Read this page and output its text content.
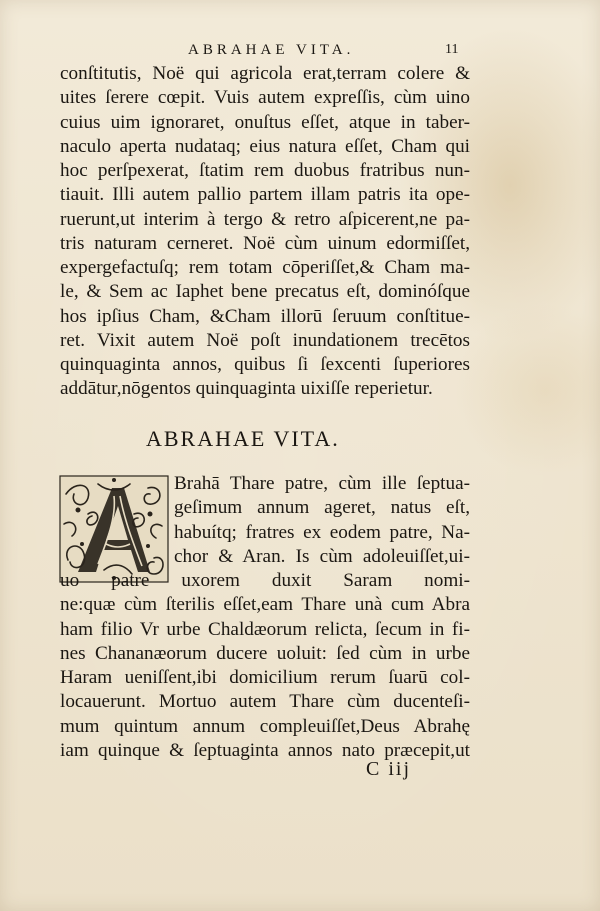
ABRAHAE VITA.	11
conſtitutis, Noë qui agricola erat,terram colere &
uites ſerere cœpit. Vuis autem expreſſis, cùm uino
cuius uim ignoraret, onuſtus eſſet, atque in taber-
naculo aperta nudataq; eius natura eſſet, Cham qui
hoc perſpexerat, ſtatim rem duobus fratribus nun-
tiauit. Illi autem pallio partem illam patris ita ope-
ruerunt,ut interim à tergo & retro aſpicerent,ne pa-
tris naturam cerneret. Noë cùm uinum edormiſſet,
expergefactuſq; rem totam cōperiſſet,& Cham ma-
le, & Sem ac Iaphet bene precatus eſt, dominóſque
hos ipſius Cham, &Cham illorū ſeruum conſtitue-
ret. Vixit autem Noë poſt inundationem trecētos
quinquaginta annos, quibus ſi ſexcenti ſuperiores
addātur,nōgentos quinquaginta uixiſſe reperietur.
ABRAHAE VITA.
Brahā Thare patre, cùm ille ſeptua-
geſimum annum ageret, natus eſt,
habuítq; fratres ex eodem patre, Na-
chor & Aran. Is cùm adoleuiſſet,ui-
uo patre uxorem duxit Saram nomi-
ne:quæ cùm ſterilis eſſet,eam Thare unà cum Abra
ham filio Vr urbe Chaldæorum relicta, ſecum in fi-
nes Chananæorum ducere uoluit: ſed cùm in urbe
Haram ueniſſent,ibi domicilium rerum ſuarū col-
locauerunt. Mortuo autem Thare cùm ducenteſi-
mum quintum annum compleuiſſet,Deus Abrahę
iam quinque & ſeptuaginta annos nato præcepit,ut
C iij
